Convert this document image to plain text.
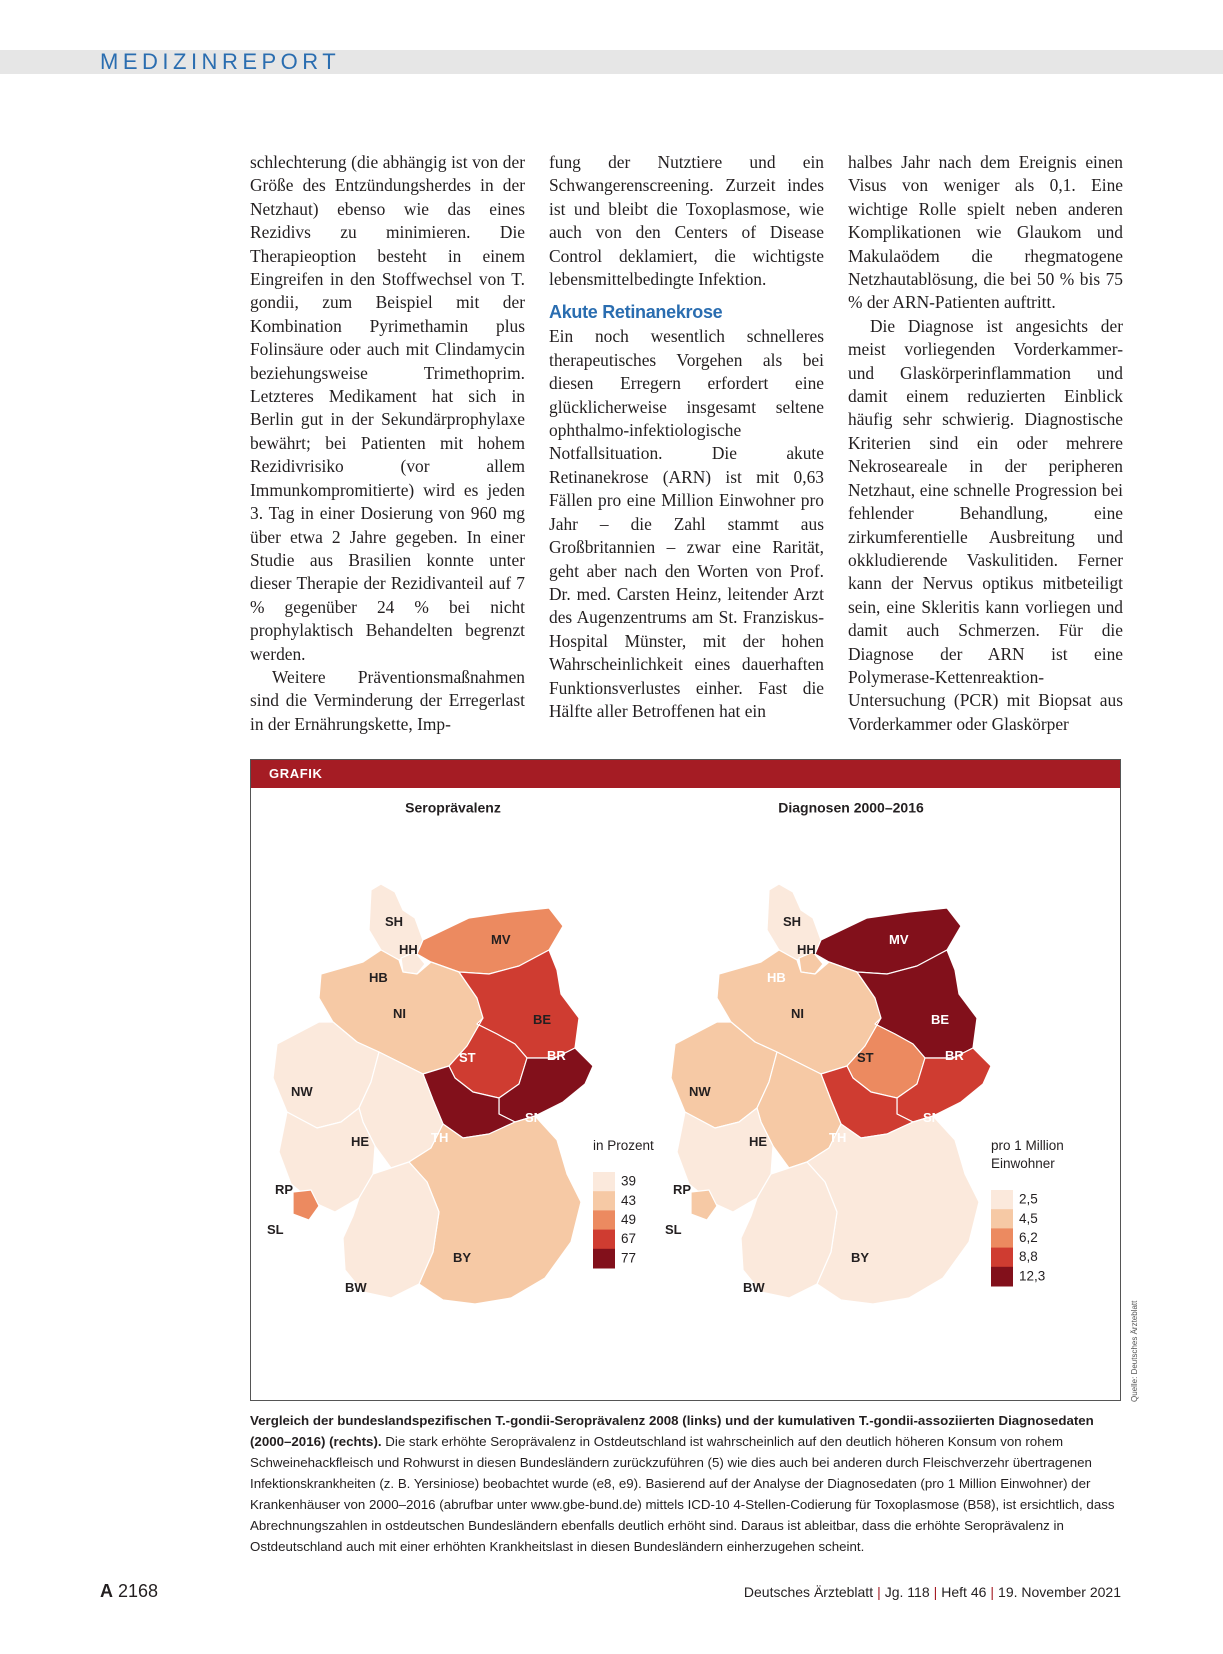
MEDIZINREPORT

schlechterung (die abhängig ist von der Größe des Entzündungsherdes in der Netzhaut) ebenso wie das eines Rezidivs zu minimieren. Die Therapieoption besteht in einem Eingreifen in den Stoffwechsel von T. gondii, zum Beispiel mit der Kombination Pyrimethamin plus Folinsäure oder auch mit Clindamycin beziehungsweise Trimethoprim. Letzteres Medikament hat sich in Berlin gut in der Sekundärprophylaxe bewährt; bei Patienten mit hohem Rezidivrisiko (vor allem Immunkompromitierte) wird es jeden 3. Tag in einer Dosierung von 960 mg über etwa 2 Jahre gegeben. In einer Studie aus Brasilien konnte unter dieser Therapie der Rezidivanteil auf 7 % gegenüber 24 % bei nicht prophylaktisch Behandelten begrenzt werden.

Weitere Präventionsmaßnahmen sind die Verminderung der Erregerlast in der Ernährungskette, Imp-

fung der Nutztiere und ein Schwangerenscreening. Zurzeit indes ist und bleibt die Toxoplasmose, wie auch von den Centers of Disease Control deklamiert, die wichtigste lebensmittelbedingte Infektion.

Akute Retinanekrose

Ein noch wesentlich schnelleres therapeutisches Vorgehen als bei diesen Erregern erfordert eine glücklicherweise insgesamt seltene ophthalmo-infektiologische Notfallsituation. Die akute Retinanekrose (ARN) ist mit 0,63 Fällen pro eine Million Einwohner pro Jahr – die Zahl stammt aus Großbritannien – zwar eine Rarität, geht aber nach den Worten von Prof. Dr. med. Carsten Heinz, leitender Arzt des Augenzentrums am St. Franziskus-Hospital Münster, mit der hohen Wahrscheinlichkeit eines dauerhaften Funktionsverlustes einher. Fast die Hälfte aller Betroffenen hat ein

halbes Jahr nach dem Ereignis einen Visus von weniger als 0,1. Eine wichtige Rolle spielt neben anderen Komplikationen wie Glaukom und Makulaödem die rhegmatogene Netzhautablösung, die bei 50 % bis 75 % der ARN-Patienten auftritt.

Die Diagnose ist angesichts der meist vorliegenden Vorderkammer- und Glaskörperinflammation und damit einem reduzierten Einblick häufig sehr schwierig. Diagnostische Kriterien sind ein oder mehrere Nekroseareale in der peripheren Netzhaut, eine schnelle Progression bei fehlender Behandlung, eine zirkumferentielle Ausbreitung und okkludierende Vaskulitiden. Ferner kann der Nervus optikus mitbeteiligt sein, eine Skleritis kann vorliegen und damit auch Schmerzen. Für die Diagnose der ARN ist eine Polymerase-Kettenreaktion-Untersuchung (PCR) mit Biopsat aus Vorderkammer oder Glaskörper

GRAFIK
Seroprävalenz
SH
HH
MV
HB
NI	BE
BR
ST
NW
SN
TH
HE
RP
SL
BY
BW
in Prozent
39
43
49
67
77
Diagnosen 2000–2016
SH
HH
MV
HB
NI	BE
BR
ST
NW
SN
TH
HE
RP
SL
BY
BW
pro 1 Million
Einwohner
2,5
4,5
6,2
8,8
12,3
Quelle: Deutsches Ärzteblatt
Vergleich der bundeslandspezifischen T.-gondii-Seroprävalenz 2008 (links) und der kumulativen T.-gondii-assoziierten Diagnosedaten (2000–2016) (rechts). Die stark erhöhte Seroprävalenz in Ostdeutschland ist wahrscheinlich auf den deutlich höheren Konsum von rohem Schweinehackfleisch und Rohwurst in diesen Bundesländern zurückzuführen (5) wie dies auch bei anderen durch Fleischverzehr übertragenen Infektionskrankheiten (z. B. Yersiniose) beobachtet wurde (e8, e9). Basierend auf der Analyse der Diagnosedaten (pro 1 Million Einwohner) der Krankenhäuser von 2000–2016 (abrufbar unter www.gbe-bund.de) mittels ICD-10 4-Stellen-Codierung für Toxoplasmose (B58), ist ersichtlich, dass Abrechnungszahlen in ostdeutschen Bundesländern ebenfalls deutlich erhöht sind. Daraus ist ableitbar, dass die erhöhte Seroprävalenz in Ostdeutschland auch mit einer erhöhten Krankheitslast in diesen Bundesländern einherzugehen scheint.
A 2168	Deutsches Ärzteblatt | Jg. 118 | Heft 46 | 19. November 2021
